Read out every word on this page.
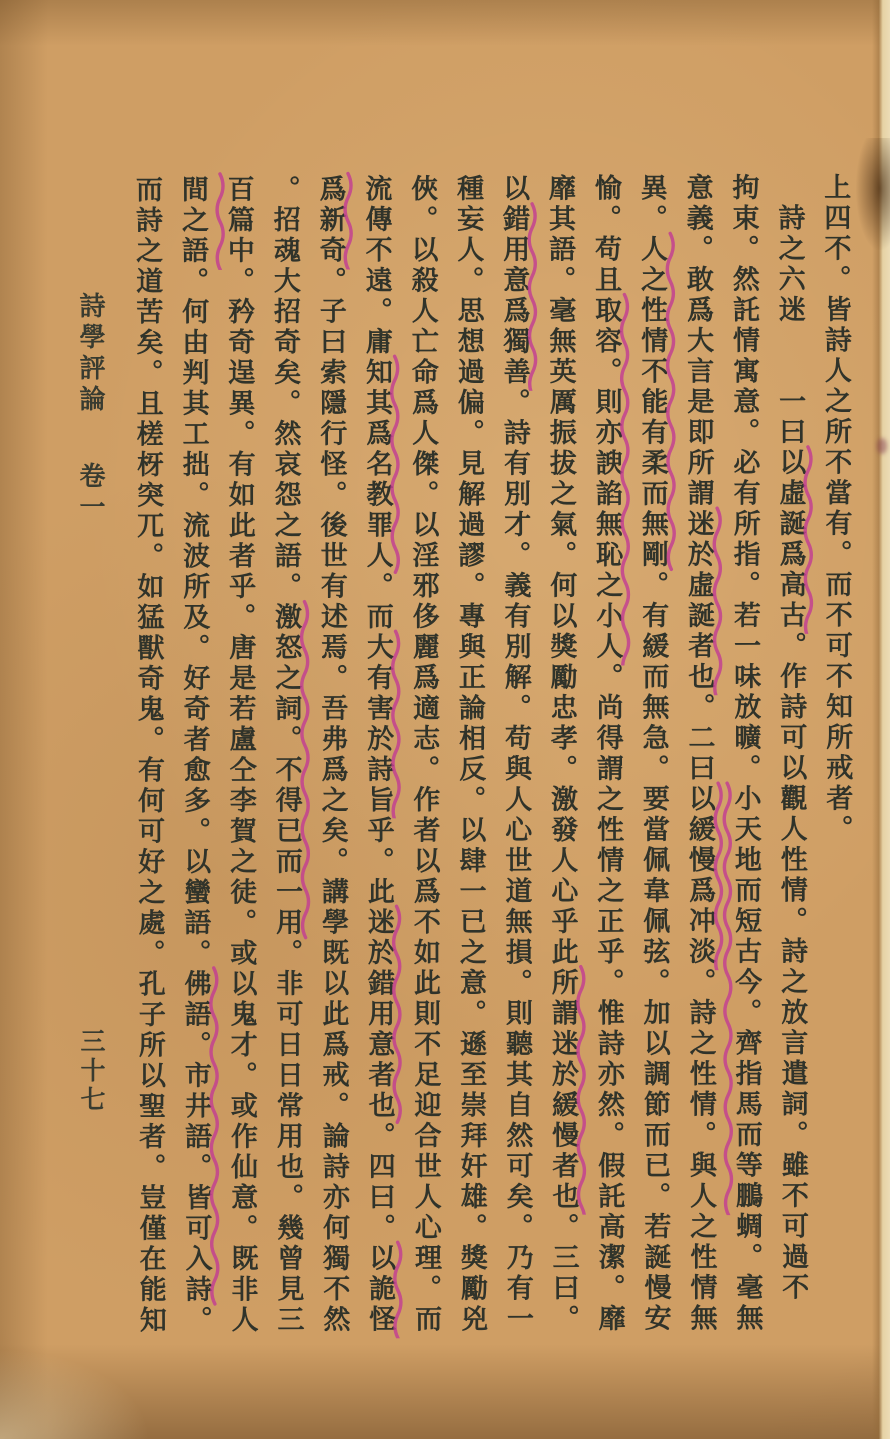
上四不。皆詩人之所不當有。而不可不知所戒者。
　詩之六迷　　一曰以虛誕爲高古。作詩可以觀人性情。詩之放言遣詞。雖不可過不
拘束。然託情寓意。必有所指。若一味放曠。小天地而短古今。齊指馬而等鵬蜩。毫無
意義。敢爲大言是即所謂迷於虛誕者也。二曰以緩慢爲冲淡。詩之性情。與人之性情無
異。人之性情不能有柔而無剛。有緩而無急。要當佩韋佩弦。加以調節而已。若誕慢安
愉。苟且取容。則亦諛諂無恥之小人。尚得謂之性情之正乎。惟詩亦然。假託高潔。靡
靡其語。毫無英厲振拔之氣。何以獎勵忠孝。激發人心乎此所謂迷於緩慢者也。三曰。
以錯用意爲獨善。詩有別才。義有別解。苟與人心世道無損。則聽其自然可矣。乃有一
種妄人。思想過偏。見解過謬。專與正論相反。以肆一已之意。遜至崇拜奸雄。獎勵兇
俠。以殺人亡命爲人傑。以淫邪侈麗爲適志。作者以爲不如此則不足迎合世人心理。而
流傳不遠。庸知其爲名教罪人。而大有害於詩旨乎。此迷於錯用意者也。四曰。以詭怪
爲新奇。子曰索隱行怪。後世有述焉。吾弗爲之矣。講學既以此爲戒。論詩亦何獨不然
。招魂大招奇矣。然哀怨之語。激怒之詞。不得已而一用。非可日日常用也。幾曾見三
百篇中。矜奇逞異。有如此者乎。唐是若盧仝李賀之徒。或以鬼才。或作仙意。既非人
間之語。何由判其工拙。流波所及。好奇者愈多。以蠻語。佛語。市井語。皆可入詩。
而詩之道苦矣。且槎枒突兀。如猛獸奇鬼。有何可好之處。孔子所以聖者。豈僅在能知
詩學評論卷一
三十七
